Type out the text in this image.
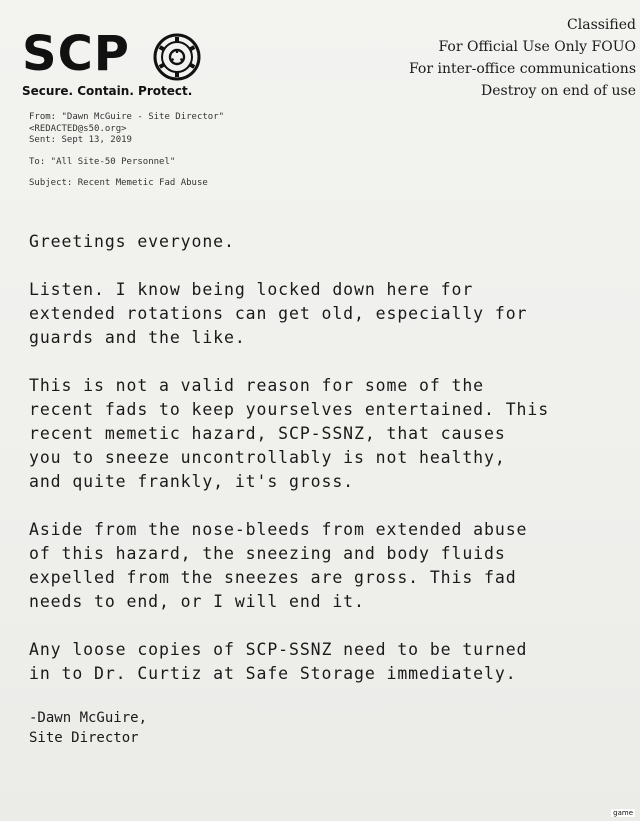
SCP
Secure. Contain. Protect.
Classified
For Official Use Only FOUO
For inter-office communications
Destroy on end of use
From: "Dawn McGuire - Site Director"
<REDACTED@s50.org>
Sent: Sept 13, 2019
To: "All Site-50 Personnel"
Subject: Recent Memetic Fad Abuse

Greetings everyone.

Listen. I know being locked down here for
extended rotations can get old, especially for
guards and the like.

This is not a valid reason for some of the
recent fads to keep yourselves entertained. This
recent memetic hazard, SCP-SSNZ, that causes
you to sneeze uncontrollably is not healthy,
and quite frankly, it's gross.

Aside from the nose-bleeds from extended abuse
of this hazard, the sneezing and body fluids
expelled from the sneezes are gross. This fad
needs to end, or I will end it.

Any loose copies of SCP-SSNZ need to be turned
in to Dr. Curtiz at Safe Storage immediately.

-Dawn McGuire,
Site Director
game
